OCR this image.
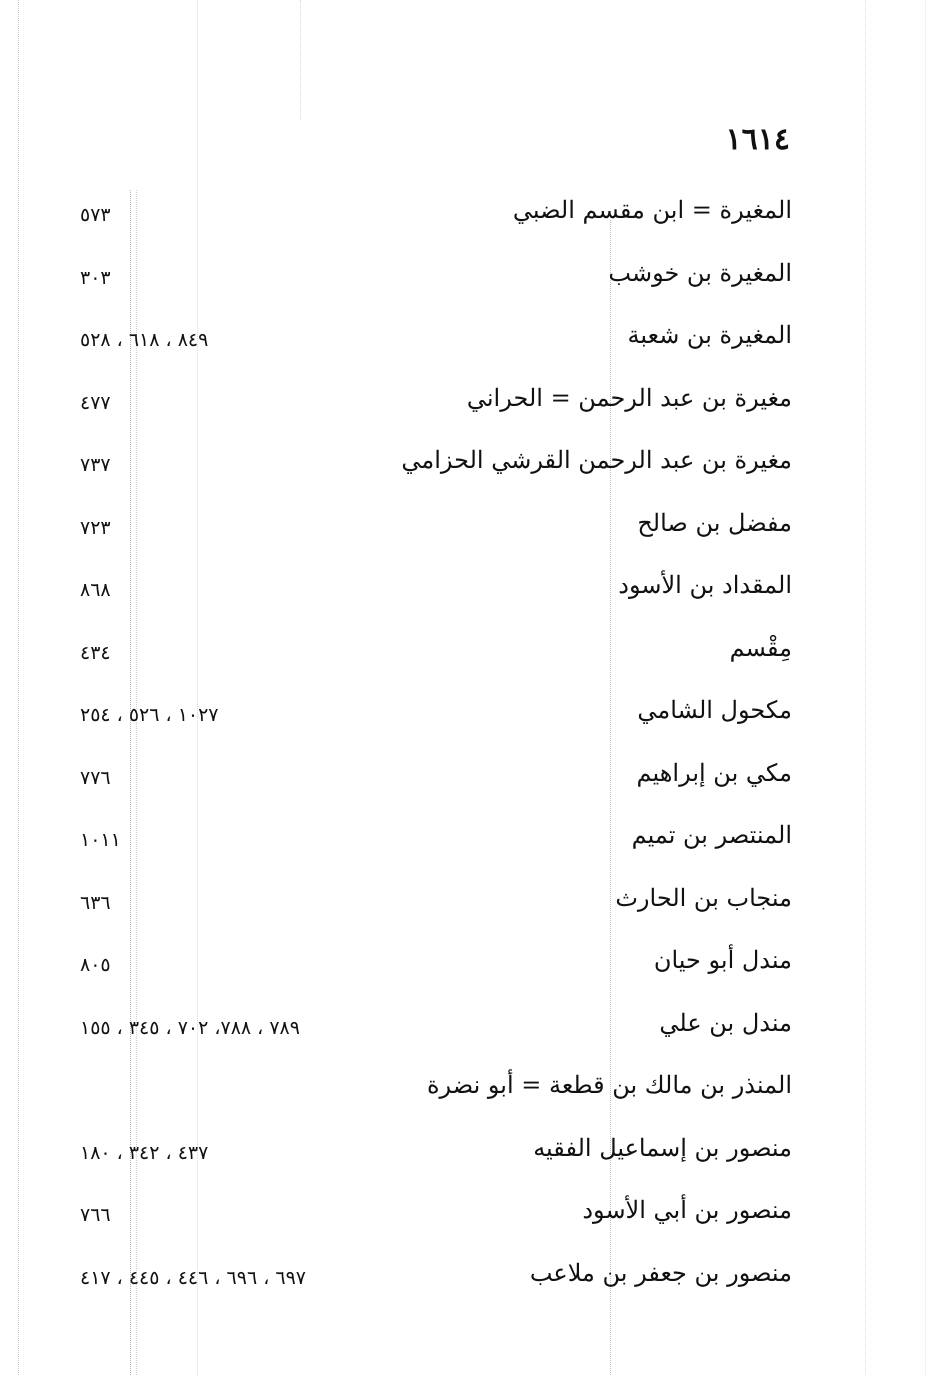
١٦١٤
المغيرة = ابن مقسم الضبي
٥٧٣
المغيرة بن خوشب
٣٠٣
المغيرة بن شعبة
٨٤٩ ، ٦١٨ ، ٥٢٨
مغيرة بن عبد الرحمن = الحراني
٤٧٧
مغيرة بن عبد الرحمن القرشي الحزامي
٧٣٧
مفضل بن صالح
٧٢٣
المقداد بن الأسود
٨٦٨
مِقْسم
٤٣٤
مكحول الشامي
١٠٢٧ ، ٥٢٦ ، ٢٥٤
مكي بن إبراهيم
٧٧٦
المنتصر بن تميم
١٠١١
منجاب بن الحارث
٦٣٦
مندل أبو حيان
٨٠٥
مندل بن علي
٧٨٩ ، ٧٨٨، ٧٠٢ ، ٣٤٥ ، ١٥٥
المنذر بن مالك بن قطعة = أبو نضرة
منصور بن إسماعيل الفقيه
٤٣٧ ، ٣٤٢ ، ١٨٠
منصور بن أبي الأسود
٧٦٦
منصور بن جعفر بن ملاعب
٦٩٧ ، ٦٩٦ ، ٤٤٦ ، ٤٤٥ ، ٤١٧
